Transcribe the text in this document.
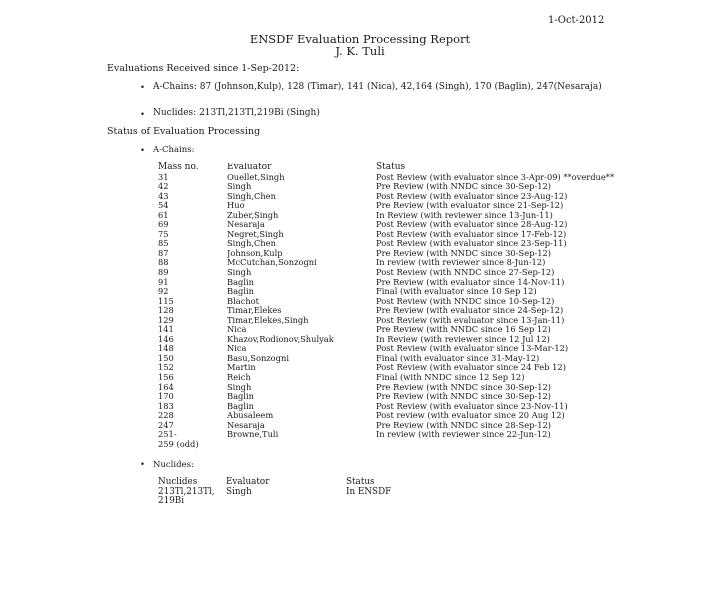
1-Oct-2012
ENSDF Evaluation Processing Report
J. K. Tuli
Evaluations Received since 1-Sep-2012:
• A-Chains: 87 (Johnson,Kulp), 128 (Timar), 141 (Nica), 42,164 (Singh), 170 (Baglin), 247(Nesaraja)
• Nuclides: 213Tl,213Tl,219Bi (Singh)
Status of Evaluation Processing
• A-Chains:
Mass no.	Evaluator	Status
31	Ouellet,Singh	Post Review (with evaluator since 3-Apr-09) **overdue**
42	Singh	Pre Review (with NNDC since 30-Sep-12)
43	Singh,Chen	Post Review (with evaluator since 23-Aug-12)
54	Huo	Pre Review (with evaluator since 21-Sep-12)
61	Zuber,Singh	In Review (with reviewer since 13-Jun-11)
69	Nesaraja	Post Review (with evaluator since 28-Aug-12)
75	Negret,Singh	Post Review (with evaluator since 17-Feb-12)
85	Singh,Chen	Post Review (with evaluator since 23-Sep-11)
87	Johnson,Kulp	Pre Review (with NNDC since 30-Sep-12)
88	McCutchan,Sonzogni	In review (with reviewer since 8-Jun-12)
89	Singh	Post Review (with NNDC since 27-Sep-12)
91	Baglin	Pre Review (with evaluator since 14-Nov-11)
92	Baglin	Final (with evaluator since 10 Sep 12)
115	Blachot	Post Review (with NNDC since 10-Sep-12)
128	Timar,Elekes	Pre Review (with evaluator since 24-Sep-12)
129	Timar,Elekes,Singh	Post Review (with evaluator since 13-Jan-11)
141	Nica	Pre Review (with NNDC since 16 Sep 12)
146	Khazov,Rodionov,Shulyak	In Review (with reviewer since 12 Jul 12)
148	Nica	Post Review (with evaluator since 13-Mar-12)
150	Basu,Sonzogni	Final (with evaluator since 31-May-12)
152	Martin	Post Review (with evaluator since 24 Feb 12)
156	Reich	Final (with NNDC since 12 Sep 12)
164	Singh	Pre Review (with NNDC since 30-Sep-12)
170	Baglin	Pre Review (with NNDC since 30-Sep-12)
183	Baglin	Post Review (with evaluator since 23-Nov-11)
228	Abusaleem	Post review (with evaluator since 20 Aug 12)
247	Nesaraja	Pre Review (with NNDC since 28-Sep-12)
251-	Browne,Tuli	In review (with reviewer since 22-Jun-12)
259 (odd)
• Nuclides:
Nuclides	Evaluator	Status
213Tl,213Tl,	Singh	In ENSDF
219Bi
